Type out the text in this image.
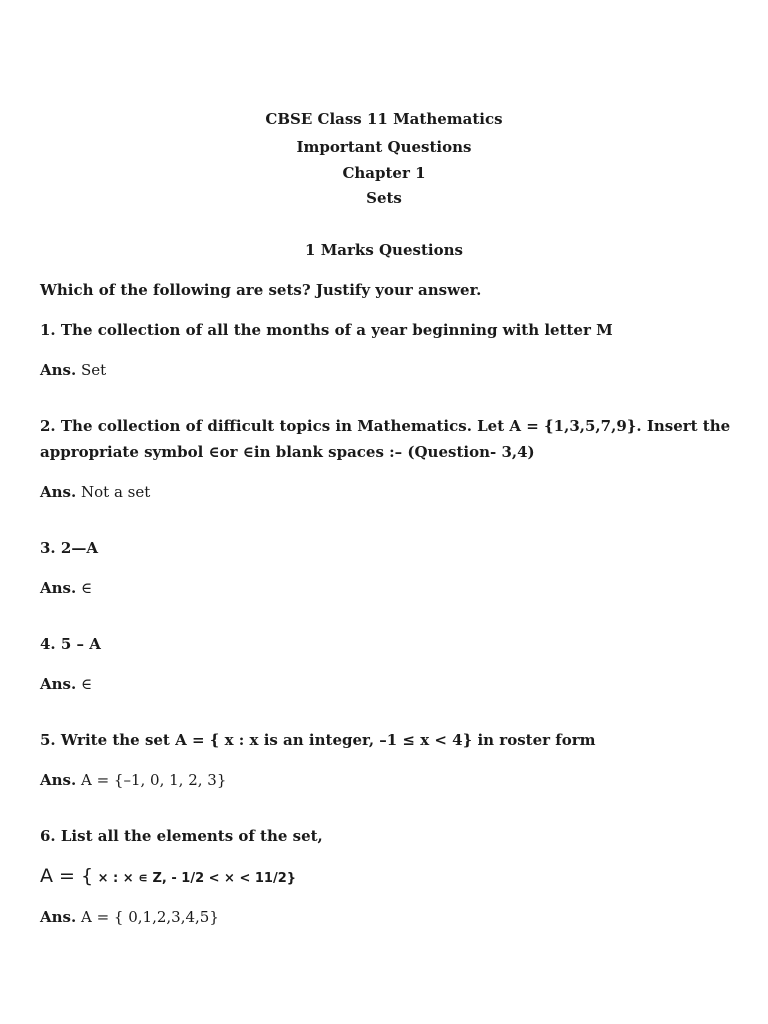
CBSE Class 11 Mathematics
Important Questions
Chapter 1
Sets
1 Marks Questions
Which of the following are sets? Justify your answer.
1. The collection of all the months of a year beginning with letter M
Ans. Set
2. The collection of difficult topics in Mathematics. Let A = {1,3,5,7,9}. Insert the
appropriate symbol ∈or ∈in blank spaces :– (Question- 3,4)
Ans. Not a set
3. 2—A
Ans. ∈
4. 5 – A
Ans. ∈
5. Write the set A = { x : x is an integer, –1 ≤ x < 4} in roster form
Ans. A = {–1, 0, 1, 2, 3}
6. List all the elements of the set,
A = { × : × ∊ Z, - 1/2 < × < 11/2}
Ans. A = { 0,1,2,3,4,5}
